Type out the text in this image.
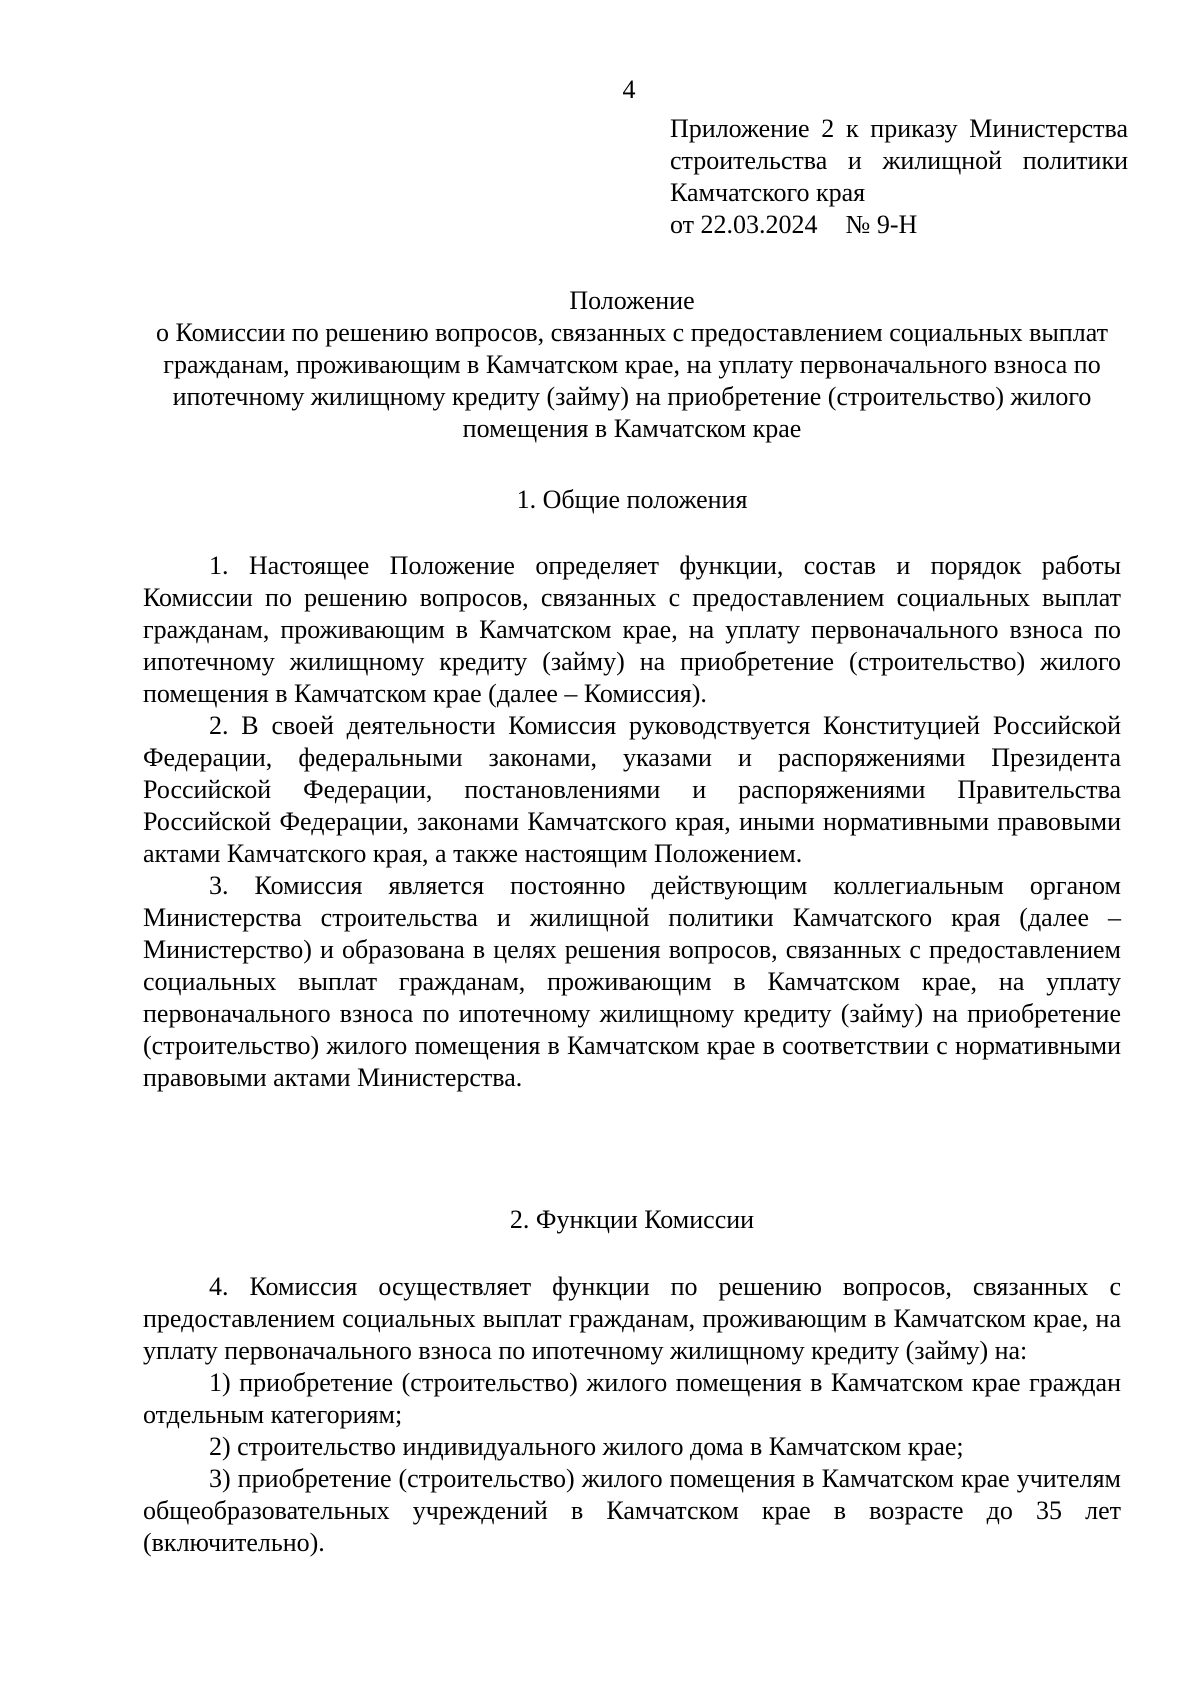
4
Приложение 2 к приказу Министерства
строительства и жилищной политики
Камчатского края
от 22.03.2024 № 9-Н
Положение
о Комиссии по решению вопросов, связанных с предоставлением социальных выплат гражданам, проживающим в Камчатском крае, на уплату первоначального взноса по ипотечному жилищному кредиту (займу) на приобретение (строительство) жилого помещения в Камчатском крае
1. Общие положения

1. Настоящее Положение определяет функции, состав и порядок работы Комиссии по решению вопросов, связанных с предоставлением социальных выплат гражданам, проживающим в Камчатском крае, на уплату первоначального взноса по ипотечному жилищному кредиту (займу) на приобретение (строительство) жилого помещения в Камчатском крае (далее – Комиссия).

2. В своей деятельности Комиссия руководствуется Конституцией Российской Федерации, федеральными законами, указами и распоряжениями Президента Российской Федерации, постановлениями и распоряжениями Правительства Российской Федерации, законами Камчатского края, иными нормативными правовыми актами Камчатского края, а также настоящим Положением.

3. Комиссия является постоянно действующим коллегиальным органом Министерства строительства и жилищной политики Камчатского края (далее – Министерство) и образована в целях решения вопросов, связанных с предоставлением социальных выплат гражданам, проживающим в Камчатском крае, на уплату первоначального взноса по ипотечному жилищному кредиту (займу) на приобретение (строительство) жилого помещения в Камчатском крае в соответствии с нормативными правовыми актами Министерства.

2. Функции Комиссии

4. Комиссия осуществляет функции по решению вопросов, связанных с предоставлением социальных выплат гражданам, проживающим в Камчатском крае, на уплату первоначального взноса по ипотечному жилищному кредиту (займу) на:

1) приобретение (строительство) жилого помещения в Камчатском крае граждан отдельным категориям;

2) строительство индивидуального жилого дома в Камчатском крае;

3) приобретение (строительство) жилого помещения в Камчатском крае учителям общеобразовательных учреждений в Камчатском крае в возрасте до 35 лет (включительно).
